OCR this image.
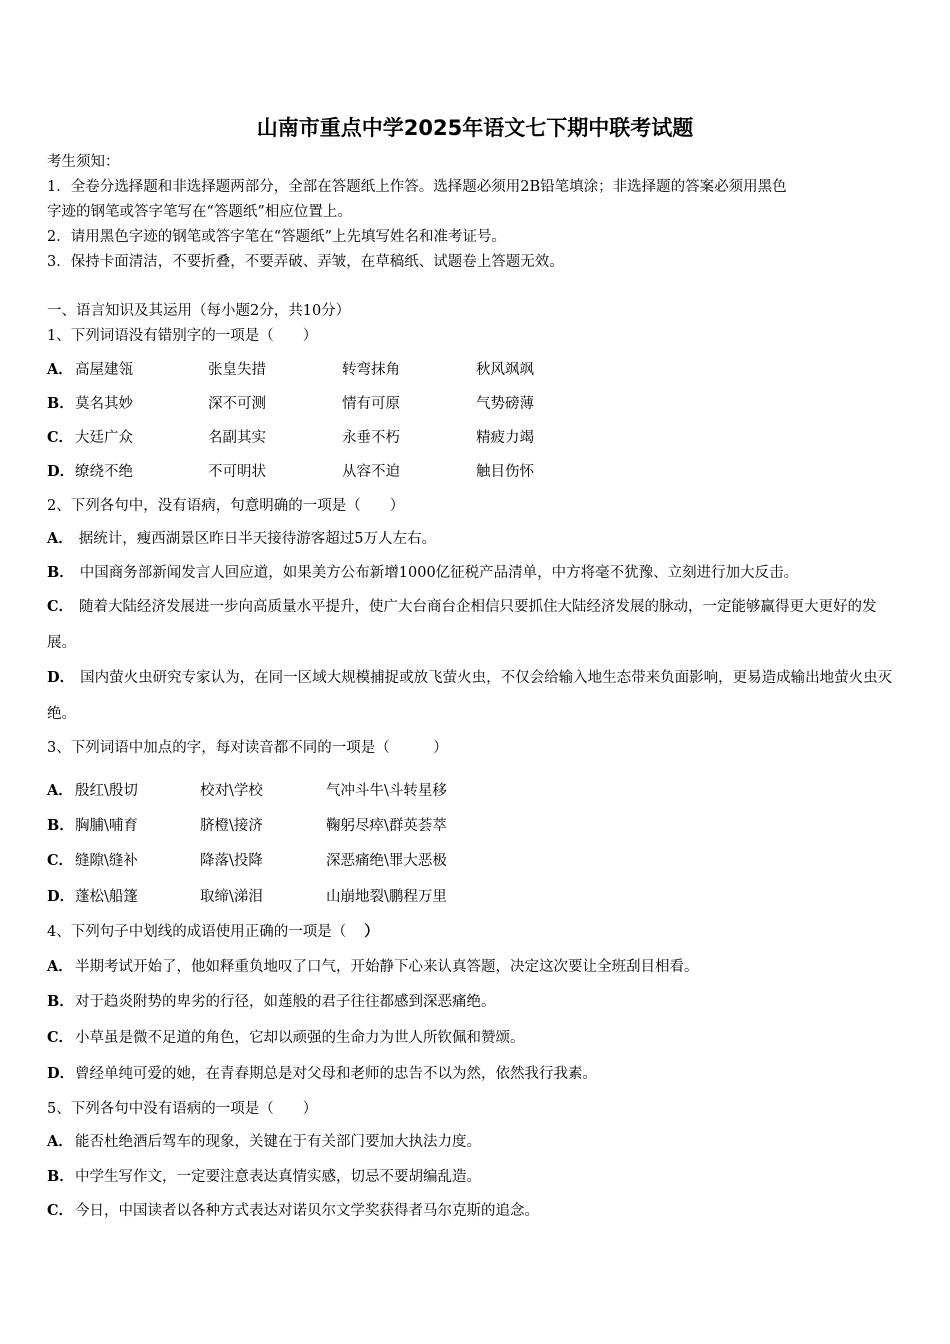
山南市重点中学2025年语文七下期中联考试题
考生须知：
1．全卷分选择题和非选择题两部分，全部在答题纸上作答。选择题必须用2B铅笔填涂；非选择题的答案必须用黑色
字迹的钢笔或答字笔写在“答题纸”相应位置上。
2．请用黑色字迹的钢笔或答字笔在“答题纸”上先填写姓名和准考证号。
3．保持卡面清洁，不要折叠，不要弄破、弄皱，在草稿纸、试题卷上答题无效。
一、语言知识及其运用（每小题2分，共10分）
1、下列词语没有错别字的一项是（　　）
A． 高屋建瓴	张皇失措	转弯抹角	秋风飒飒
B． 莫名其妙	深不可测	情有可原	气势磅薄
C． 大廷广众	名副其实	永垂不朽	精疲力竭
D． 缭绕不绝	不可明状	从容不迫	触目伤怀
2、下列各句中，没有语病，句意明确的一项是（　　）
A． 据统计，瘦西湖景区昨日半天接待游客超过5万人左右。
B． 中国商务部新闻发言人回应道，如果美方公布新增1000亿征税产品清单，中方将毫不犹豫、立刻进行加大反击。
C． 随着大陆经济发展进一步向高质量水平提升，使广大台商台企相信只要抓住大陆经济发展的脉动，一定能够赢得更大更好的发展。
D． 国内萤火虫研究专家认为，在同一区域大规模捕捉或放飞萤火虫，不仅会给输入地生态带来负面影响，更易造成输出地萤火虫灭绝。
3、下列词语中加点的字，每对读音都不同的一项是（　　　）
A． 殷红\殷切	校对\学校	气冲斗牛\斗转星移
B． 胸脯\哺育	脐橙\接济	鞠躬尽瘁\群英荟萃
C． 缝隙\缝补	降落\投降	深恶痛绝\罪大恶极
D． 蓬松\船篷	取缔\涕泪	山崩地裂\鹏程万里
4、下列句子中划线的成语使用正确的一项是（ ）
A． 半期考试开始了，他如释重负地叹了口气，开始静下心来认真答题，决定这次要让全班刮目相看。
B．对于趋炎附势的卑劣的行径，如莲般的君子往往都感到深恶痛绝。
C． 小草虽是微不足道的角色，它却以顽强的生命力为世人所钦佩和赞颂。
D．曾经单纯可爱的她，在青春期总是对父母和老师的忠告不以为然，依然我行我素。
5、下列各句中没有语病的一项是（　　）
A． 能否杜绝酒后驾车的现象，关键在于有关部门要加大执法力度。
B．中学生写作文，一定要注意表达真情实感，切忌不要胡编乱造。
C． 今日，中国读者以各种方式表达对诺贝尔文学奖获得者马尔克斯的追念。
